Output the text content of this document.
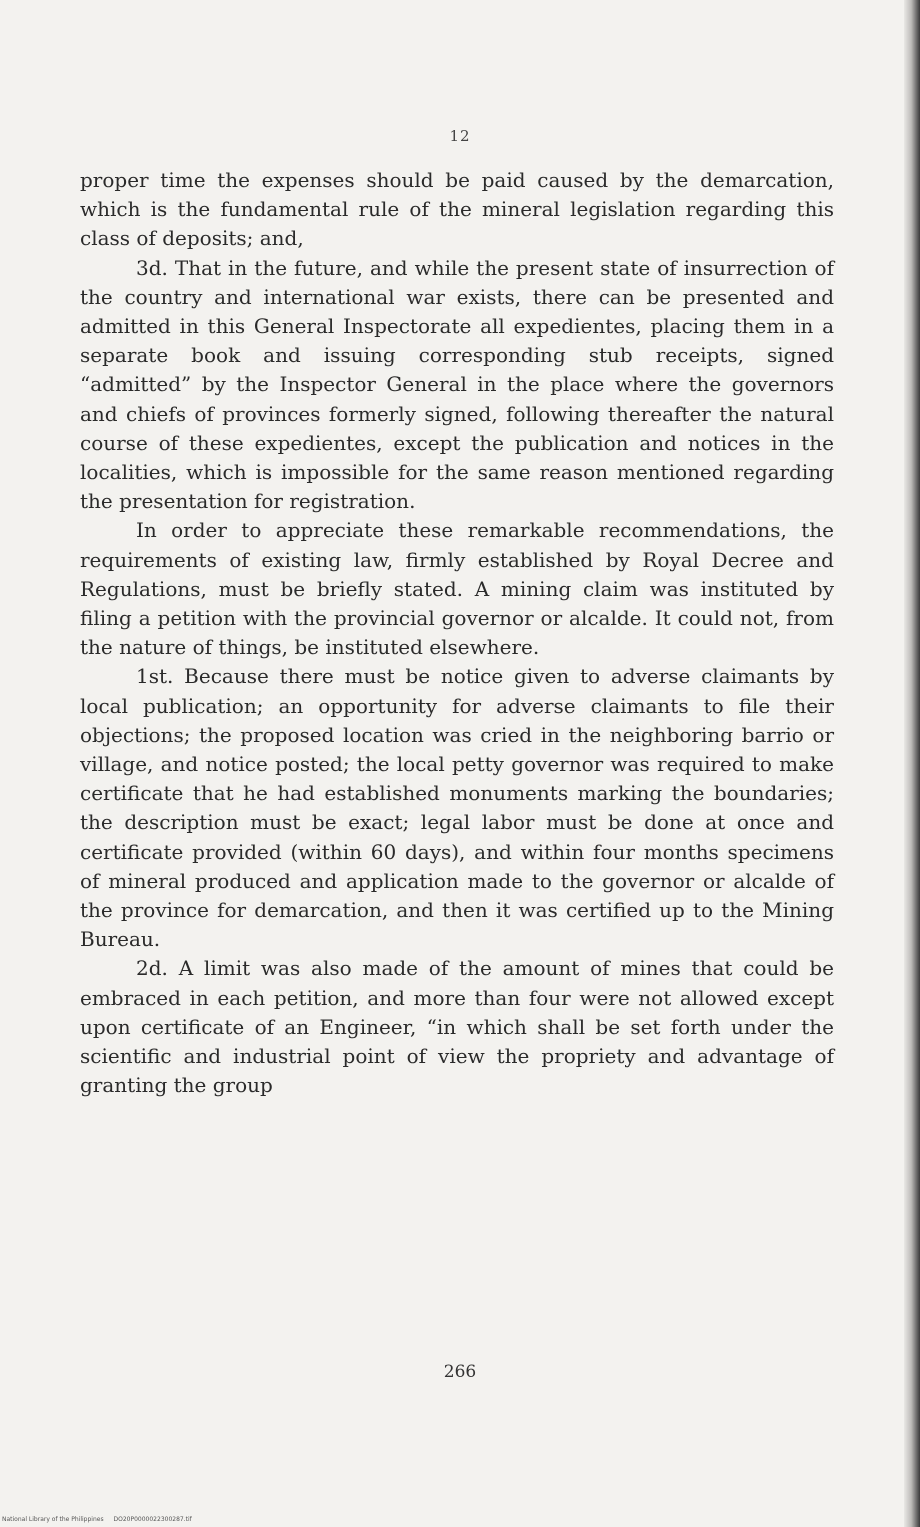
12

proper time the expenses should be paid caused by the demarcation, which is the fundamental rule of the mineral legislation regarding this class of deposits; and,

3d. That in the future, and while the present state of insurrection of the country and international war exists, there can be presented and admitted in this General Inspectorate all expedientes, placing them in a separate book and issuing corresponding stub receipts, signed “admitted” by the Inspector General in the place where the governors and chiefs of provinces formerly signed, following thereafter the natural course of these expedientes, except the publication and notices in the localities, which is impossible for the same reason mentioned regarding the presentation for registration.

In order to appreciate these remarkable recommendations, the requirements of existing law, firmly established by Royal Decree and Regulations, must be briefly stated. A mining claim was instituted by filing a petition with the provincial governor or alcalde. It could not, from the nature of things, be instituted elsewhere.

1st. Because there must be notice given to adverse claimants by local publication; an opportunity for adverse claimants to file their objections; the proposed location was cried in the neighboring barrio or village, and notice posted; the local petty governor was required to make certificate that he had established monuments marking the boundaries; the description must be exact; legal labor must be done at once and certificate provided (within 60 days), and within four months specimens of mineral produced and application made to the governor or alcalde of the province for demarcation, and then it was certified up to the Mining Bureau.

2d. A limit was also made of the amount of mines that could be embraced in each petition, and more than four were not allowed except upon certificate of an Engineer, “in which shall be set forth under the scientific and industrial point of view the propriety and advantage of granting the group

266
National Library of the Philippines DO20P0000022300287.tif
